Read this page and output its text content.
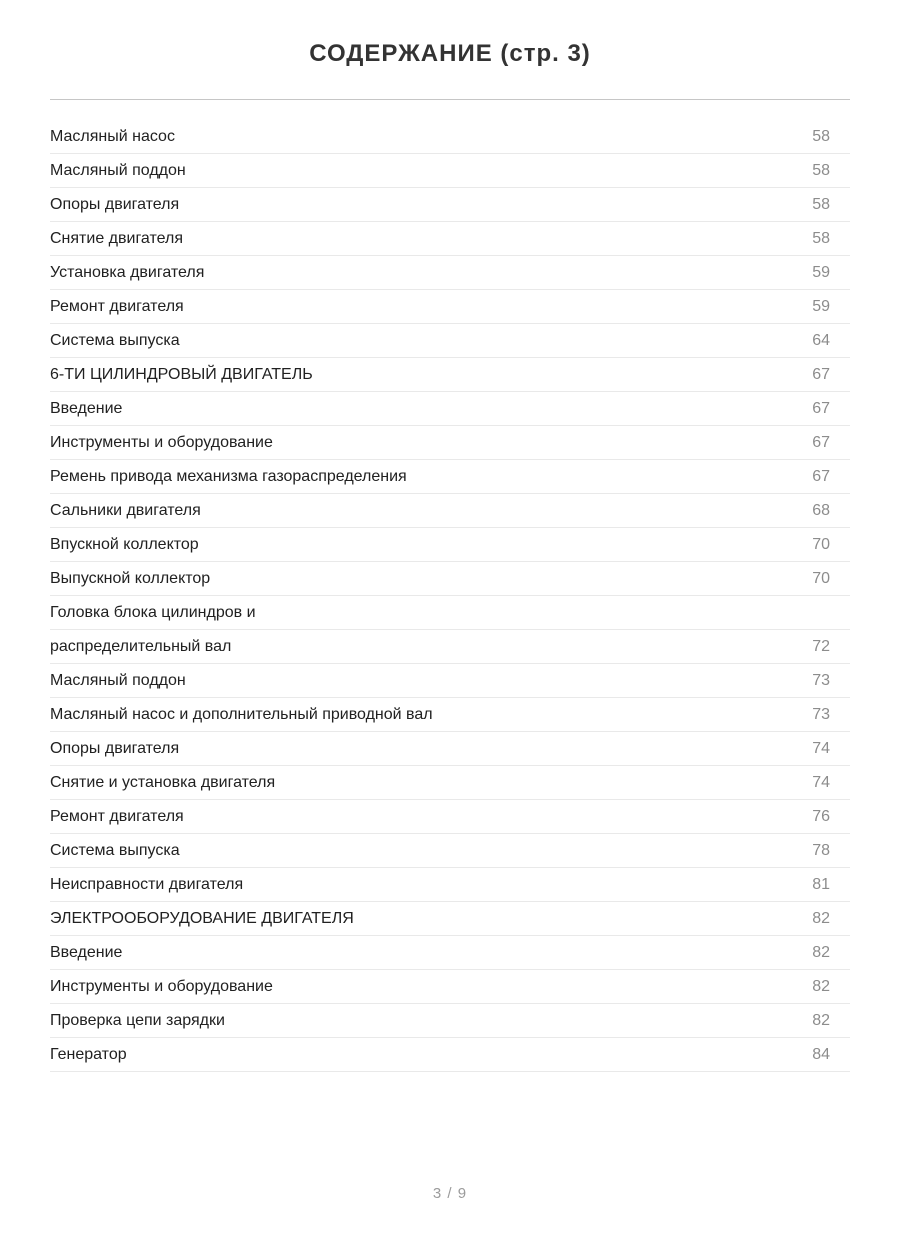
СОДЕРЖАНИЕ (стр. 3)
Масляный насос	58
Масляный поддон	58
Опоры двигателя	58
Снятие двигателя	58
Установка двигателя	59
Ремонт двигателя	59
Система выпуска	64
6-ТИ ЦИЛИНДРОВЫЙ ДВИГАТЕЛЬ	67
Введение	67
Инструменты и оборудование	67
Ремень привода механизма газораспределения	67
Сальники двигателя	68
Впускной коллектор	70
Выпускной коллектор	70
Головка блока цилиндров и
распределительный вал	72
Масляный поддон	73
Масляный насос и дополнительный приводной вал	73
Опоры двигателя	74
Снятие и установка двигателя	74
Ремонт двигателя	76
Система выпуска	78
Неисправности двигателя	81
ЭЛЕКТРООБОРУДОВАНИЕ ДВИГАТЕЛЯ	82
Введение	82
Инструменты и оборудование	82
Проверка цепи зарядки	82
Генератор	84
3 / 9
